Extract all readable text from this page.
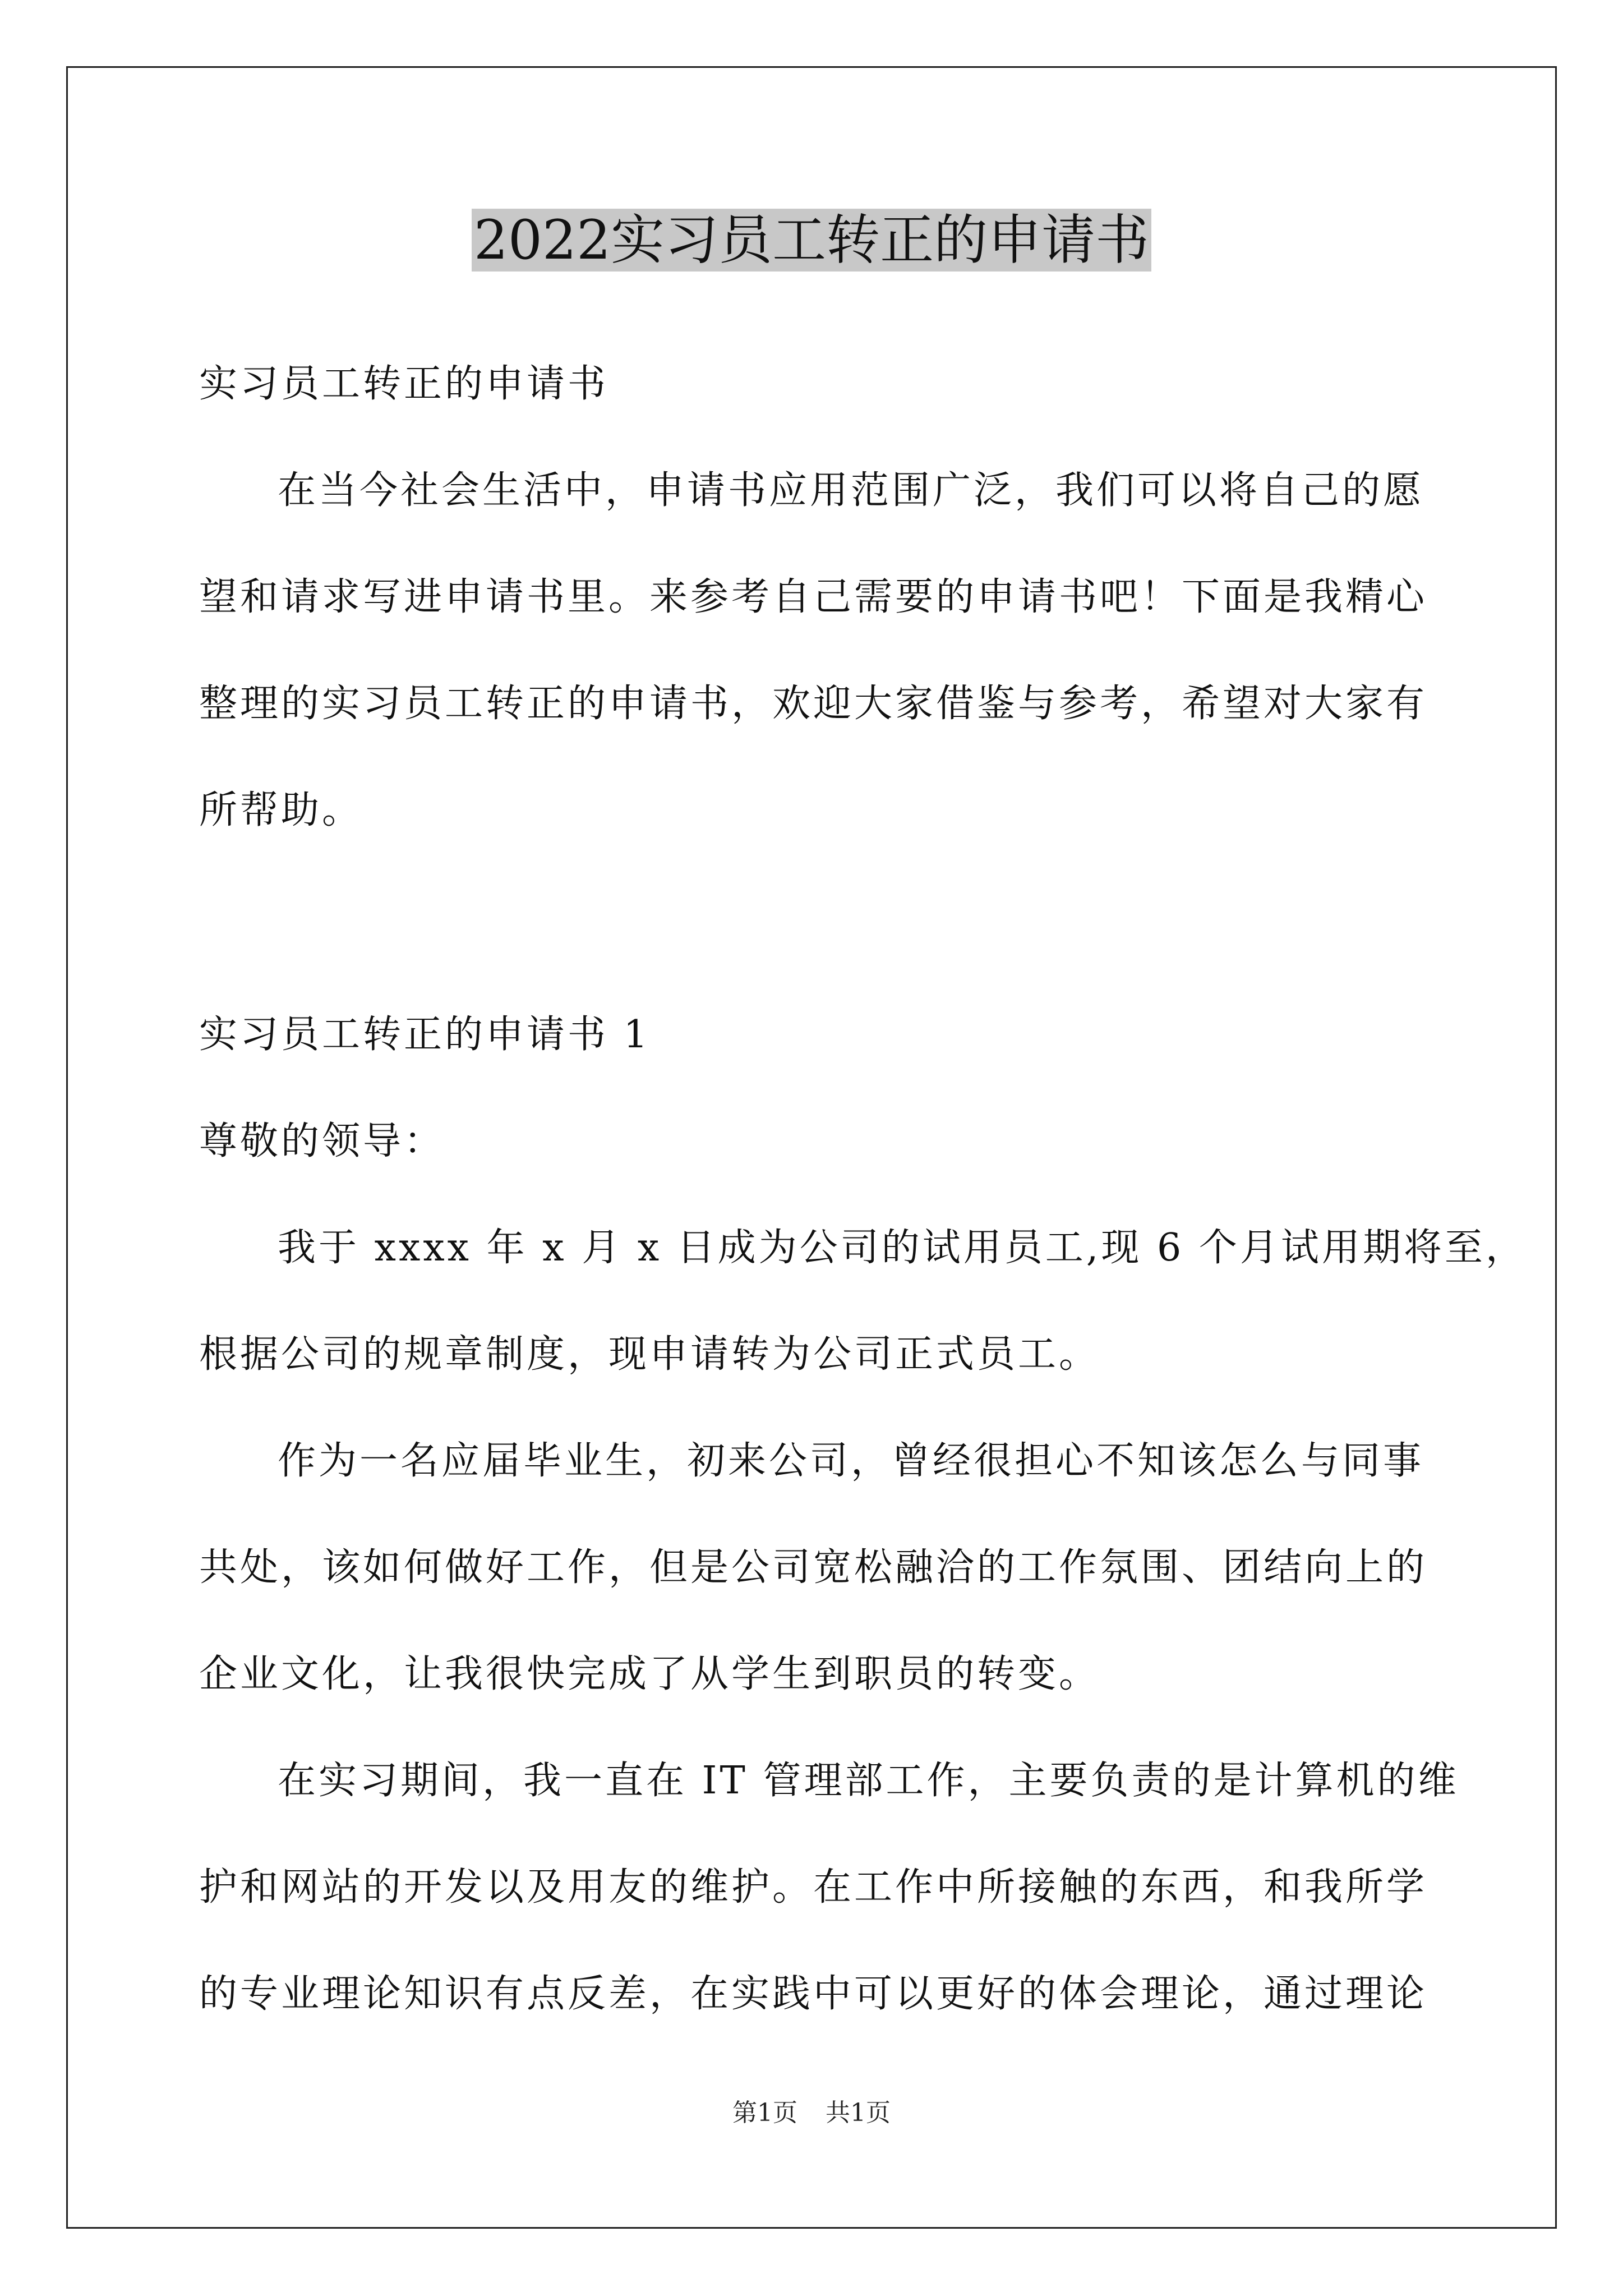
2022实习员工转正的申请书
实习员工转正的申请书
在当今社会生活中，申请书应用范围广泛，我们可以将自己的愿
望和请求写进申请书里。来参考自己需要的申请书吧！下面是我精心
整理的实习员工转正的申请书，欢迎大家借鉴与参考，希望对大家有
所帮助。
实习员工转正的申请书 1
尊敬的领导：
我于 xxxx 年 x 月 x 日成为公司的试用员工,现 6 个月试用期将至，
根据公司的规章制度，现申请转为公司正式员工。
作为一名应届毕业生，初来公司，曾经很担心不知该怎么与同事
共处，该如何做好工作，但是公司宽松融洽的工作氛围、团结向上的
企业文化，让我很快完成了从学生到职员的转变。
在实习期间，我一直在 IT 管理部工作，主要负责的是计算机的维
护和网站的开发以及用友的维护。在工作中所接触的东西，和我所学
的专业理论知识有点反差，在实践中可以更好的体会理论，通过理论
第1页 共1页
